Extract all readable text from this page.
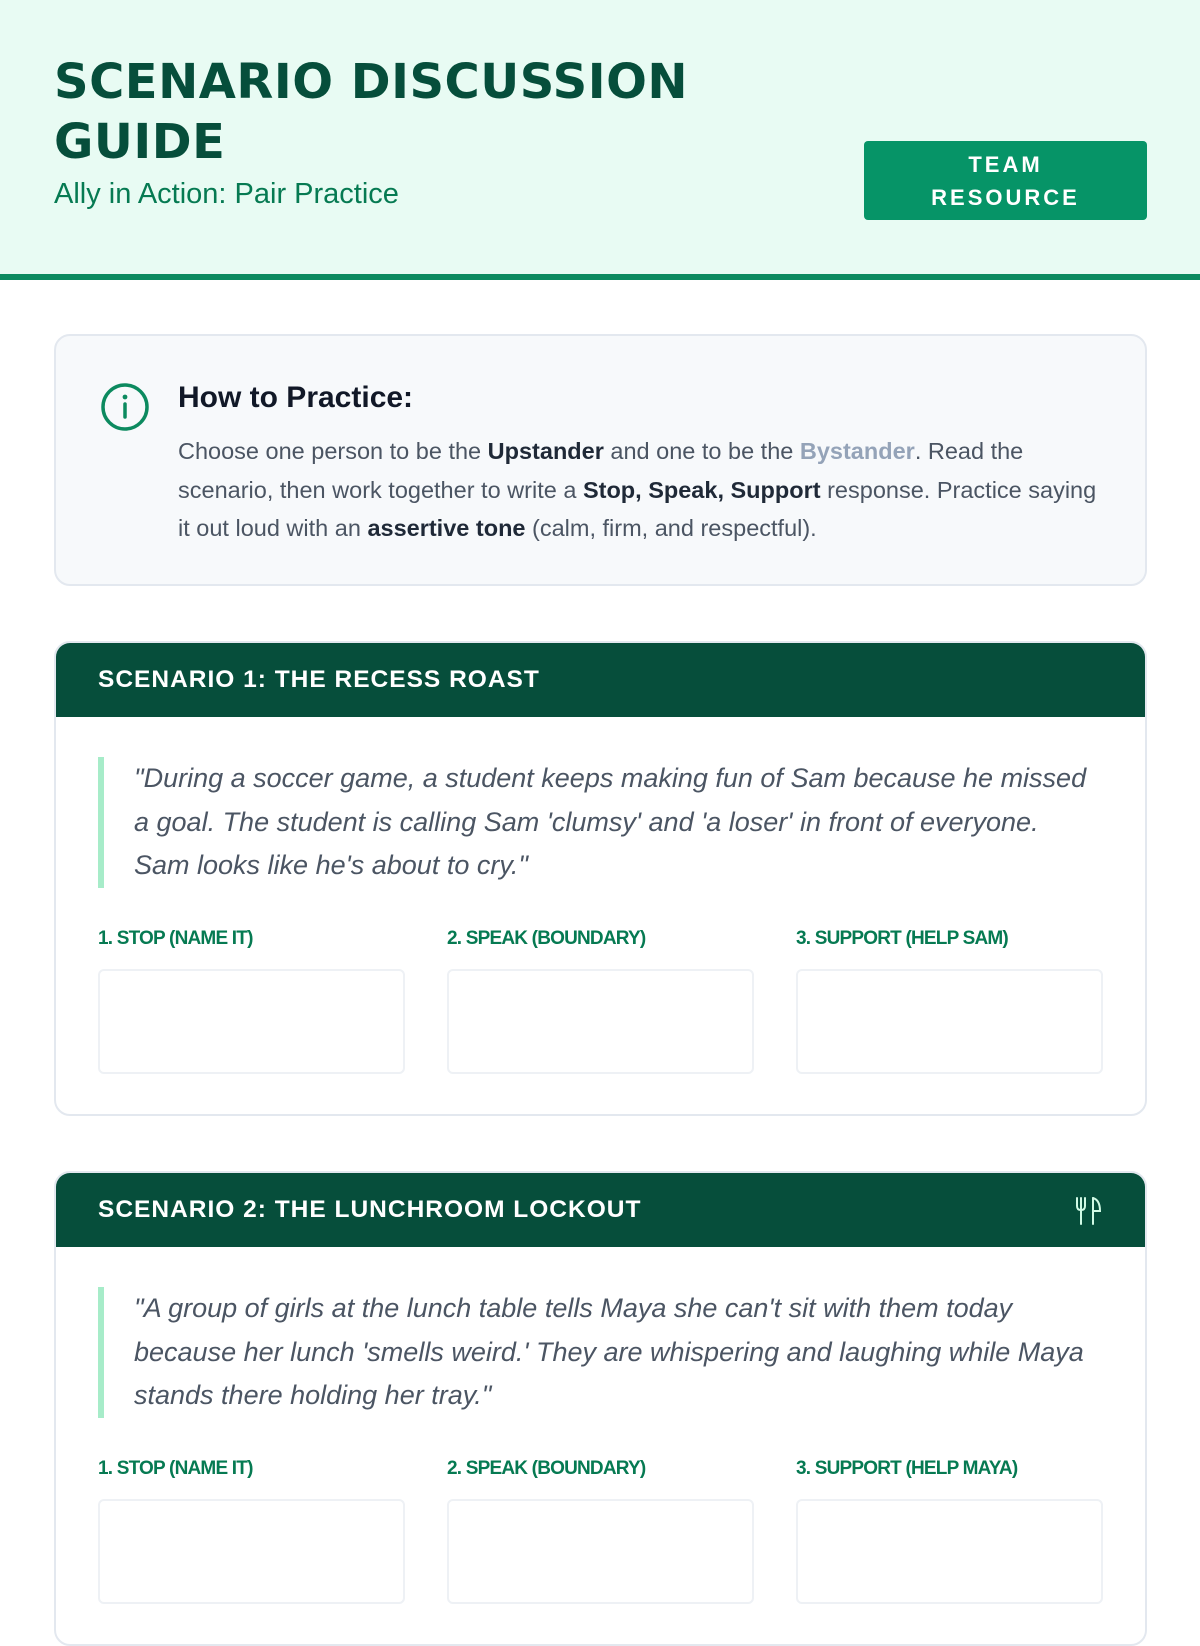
SCENARIO DISCUSSION GUIDE
Ally in Action: Pair Practice
TEAM RESOURCE
How to Practice:

Choose one person to be the Upstander and one to be the Bystander. Read the scenario, then work together to write a Stop, Speak, Support response. Practice saying it out loud with an assertive tone (calm, firm, and respectful).

SCENARIO 1: THE RECESS ROAST
"During a soccer game, a student keeps making fun of Sam because he missed a goal. The student is calling Sam 'clumsy' and 'a loser' in front of everyone. Sam looks like he's about to cry."
1. STOP (NAME IT)	2. SPEAK (BOUNDARY)	3. SUPPORT (HELP SAM)
SCENARIO 2: THE LUNCHROOM LOCKOUT
"A group of girls at the lunch table tells Maya she can't sit with them today because her lunch 'smells weird.' They are whispering and laughing while Maya stands there holding her tray."
1. STOP (NAME IT)	2. SPEAK (BOUNDARY)	3. SUPPORT (HELP MAYA)
